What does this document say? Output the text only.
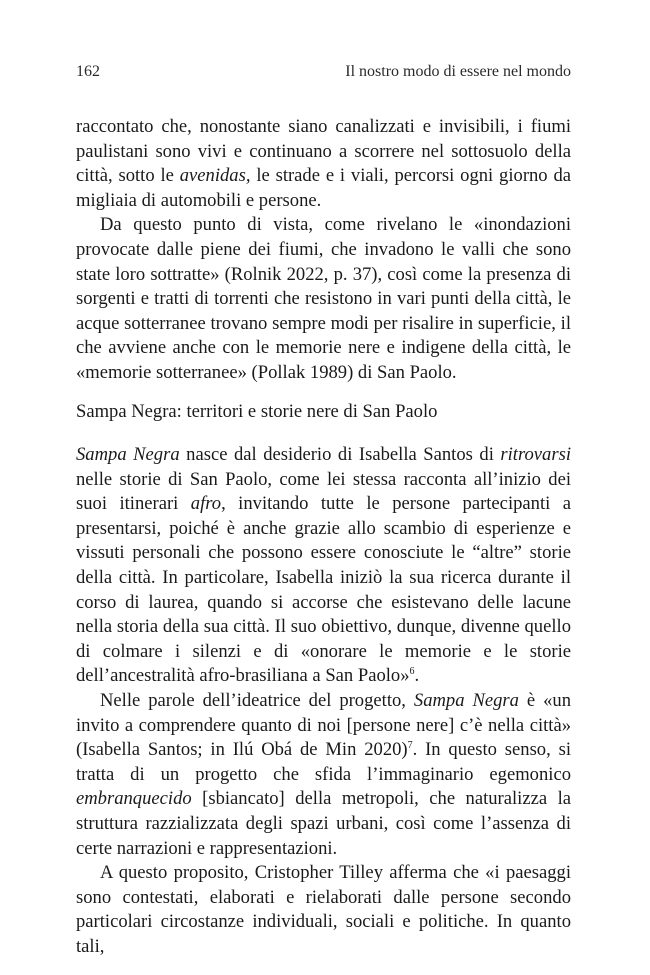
162	Il nostro modo di essere nel mondo

raccontato che, nonostante siano canalizzati e invisibili, i fiumi paulistani sono vivi e continuano a scorrere nel sottosuolo della città, sotto le avenidas, le strade e i viali, percorsi ogni giorno da migliaia di automobili e persone.

Da questo punto di vista, come rivelano le «inondazioni provocate dalle piene dei fiumi, che invadono le valli che sono state loro sottratte» (Rolnik 2022, p. 37), così come la presenza di sorgenti e tratti di torrenti che resistono in vari punti della città, le acque sotterranee trovano sempre modi per risalire in superficie, il che avviene anche con le memorie nere e indigene della città, le «memorie sotterranee» (Pollak 1989) di San Paolo.

Sampa Negra: territori e storie nere di San Paolo

Sampa Negra nasce dal desiderio di Isabella Santos di ritrovarsi nelle storie di San Paolo, come lei stessa racconta all’inizio dei suoi itinerari afro, invitando tutte le persone partecipanti a presentarsi, poiché è anche grazie allo scambio di esperienze e vissuti personali che possono essere conosciute le “altre” storie della città. In particolare, Isabella iniziò la sua ricerca durante il corso di laurea, quando si accorse che esistevano delle lacune nella storia della sua città. Il suo obiettivo, dunque, divenne quello di colmare i silenzi e di «onorare le memorie e le storie dell’ancestralità afro-brasiliana a San Paolo»$^6$.

Nelle parole dell’ideatrice del progetto, Sampa Negra è «un invito a comprendere quanto di noi [persone nere] c’è nella città» (Isabella Santos; in Ilú Obá de Min 2020)$^7$. In questo senso, si tratta di un progetto che sfida l’immaginario egemonico embranquecido [sbiancato] della metropoli, che naturalizza la struttura razzializzata degli spazi urbani, così come l’assenza di certe narrazioni e rappresentazioni.

A questo proposito, Cristopher Tilley afferma che «i paesaggi sono contestati, elaborati e rielaborati dalle persone secondo particolari circostanze individuali, sociali e politiche. In quanto tali,
